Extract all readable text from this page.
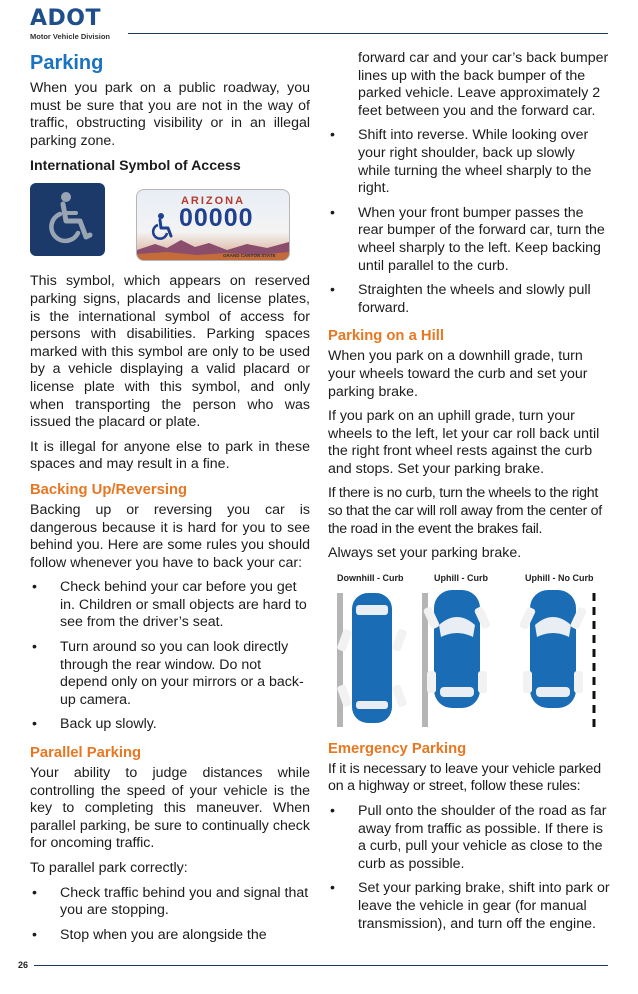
ADOT
Motor Vehicle Division
Parking

When you park on a public roadway, you must be sure that you are not in the way of traffic, obstructing visibility or in an illegal parking zone.

International Symbol of Access
ARIZONA
00000
GRAND CANYON STATE

This symbol, which appears on reserved parking signs, placards and license plates, is the international symbol of access for persons with disabilities. Parking spaces marked with this symbol are only to be used by a vehicle displaying a valid placard or license plate with this symbol, and only when transporting the person who was issued the placard or plate.

It is illegal for anyone else to park in these spaces and may result in a fine.

Backing Up/Reversing

Backing up or reversing you car is dangerous because it is hard for you to see behind you. Here are some rules you should follow whenever you have to back your car:

• Check behind your car before you get in. Children or small objects are hard to see from the driver’s seat.
• Turn around so you can look directly through the rear window. Do not depend only on your mirrors or a back-up camera.
• Back up slowly.
Parallel Parking

Your ability to judge distances while controlling the speed of your vehicle is the key to completing this maneuver. When parallel parking, be sure to continually check for oncoming traffic.

To parallel park correctly:

• Check traffic behind you and signal that you are stopping.
• Stop when you are alongside the
forward car and your car’s back bumper lines up with the back bumper of the parked vehicle. Leave approximately 2 feet between you and the forward car.
• Shift into reverse. While looking over your right shoulder, back up slowly while turning the wheel sharply to the right.
• When your front bumper passes the rear bumper of the forward car, turn the wheel sharply to the left. Keep backing until parallel to the curb.
• Straighten the wheels and slowly pull forward.
Parking on a Hill

When you park on a downhill grade, turn your wheels toward the curb and set your parking brake.

If you park on an uphill grade, turn your wheels to the left, let your car roll back until the right front wheel rests against the curb and stops. Set your parking brake.

If there is no curb, turn the wheels to the right so that the car will roll away from the center of the road in the event the brakes fail.

Always set your parking brake.

Downhill - Curb	Uphill - Curb	Uphill - No Curb
Emergency Parking

If it is necessary to leave your vehicle parked on a highway or street, follow these rules:

• Pull onto the shoulder of the road as far away from traffic as possible. If there is a curb, pull your vehicle as close to the curb as possible.
• Set your parking brake, shift into park or leave the vehicle in gear (for manual transmission), and turn off the engine.
26
